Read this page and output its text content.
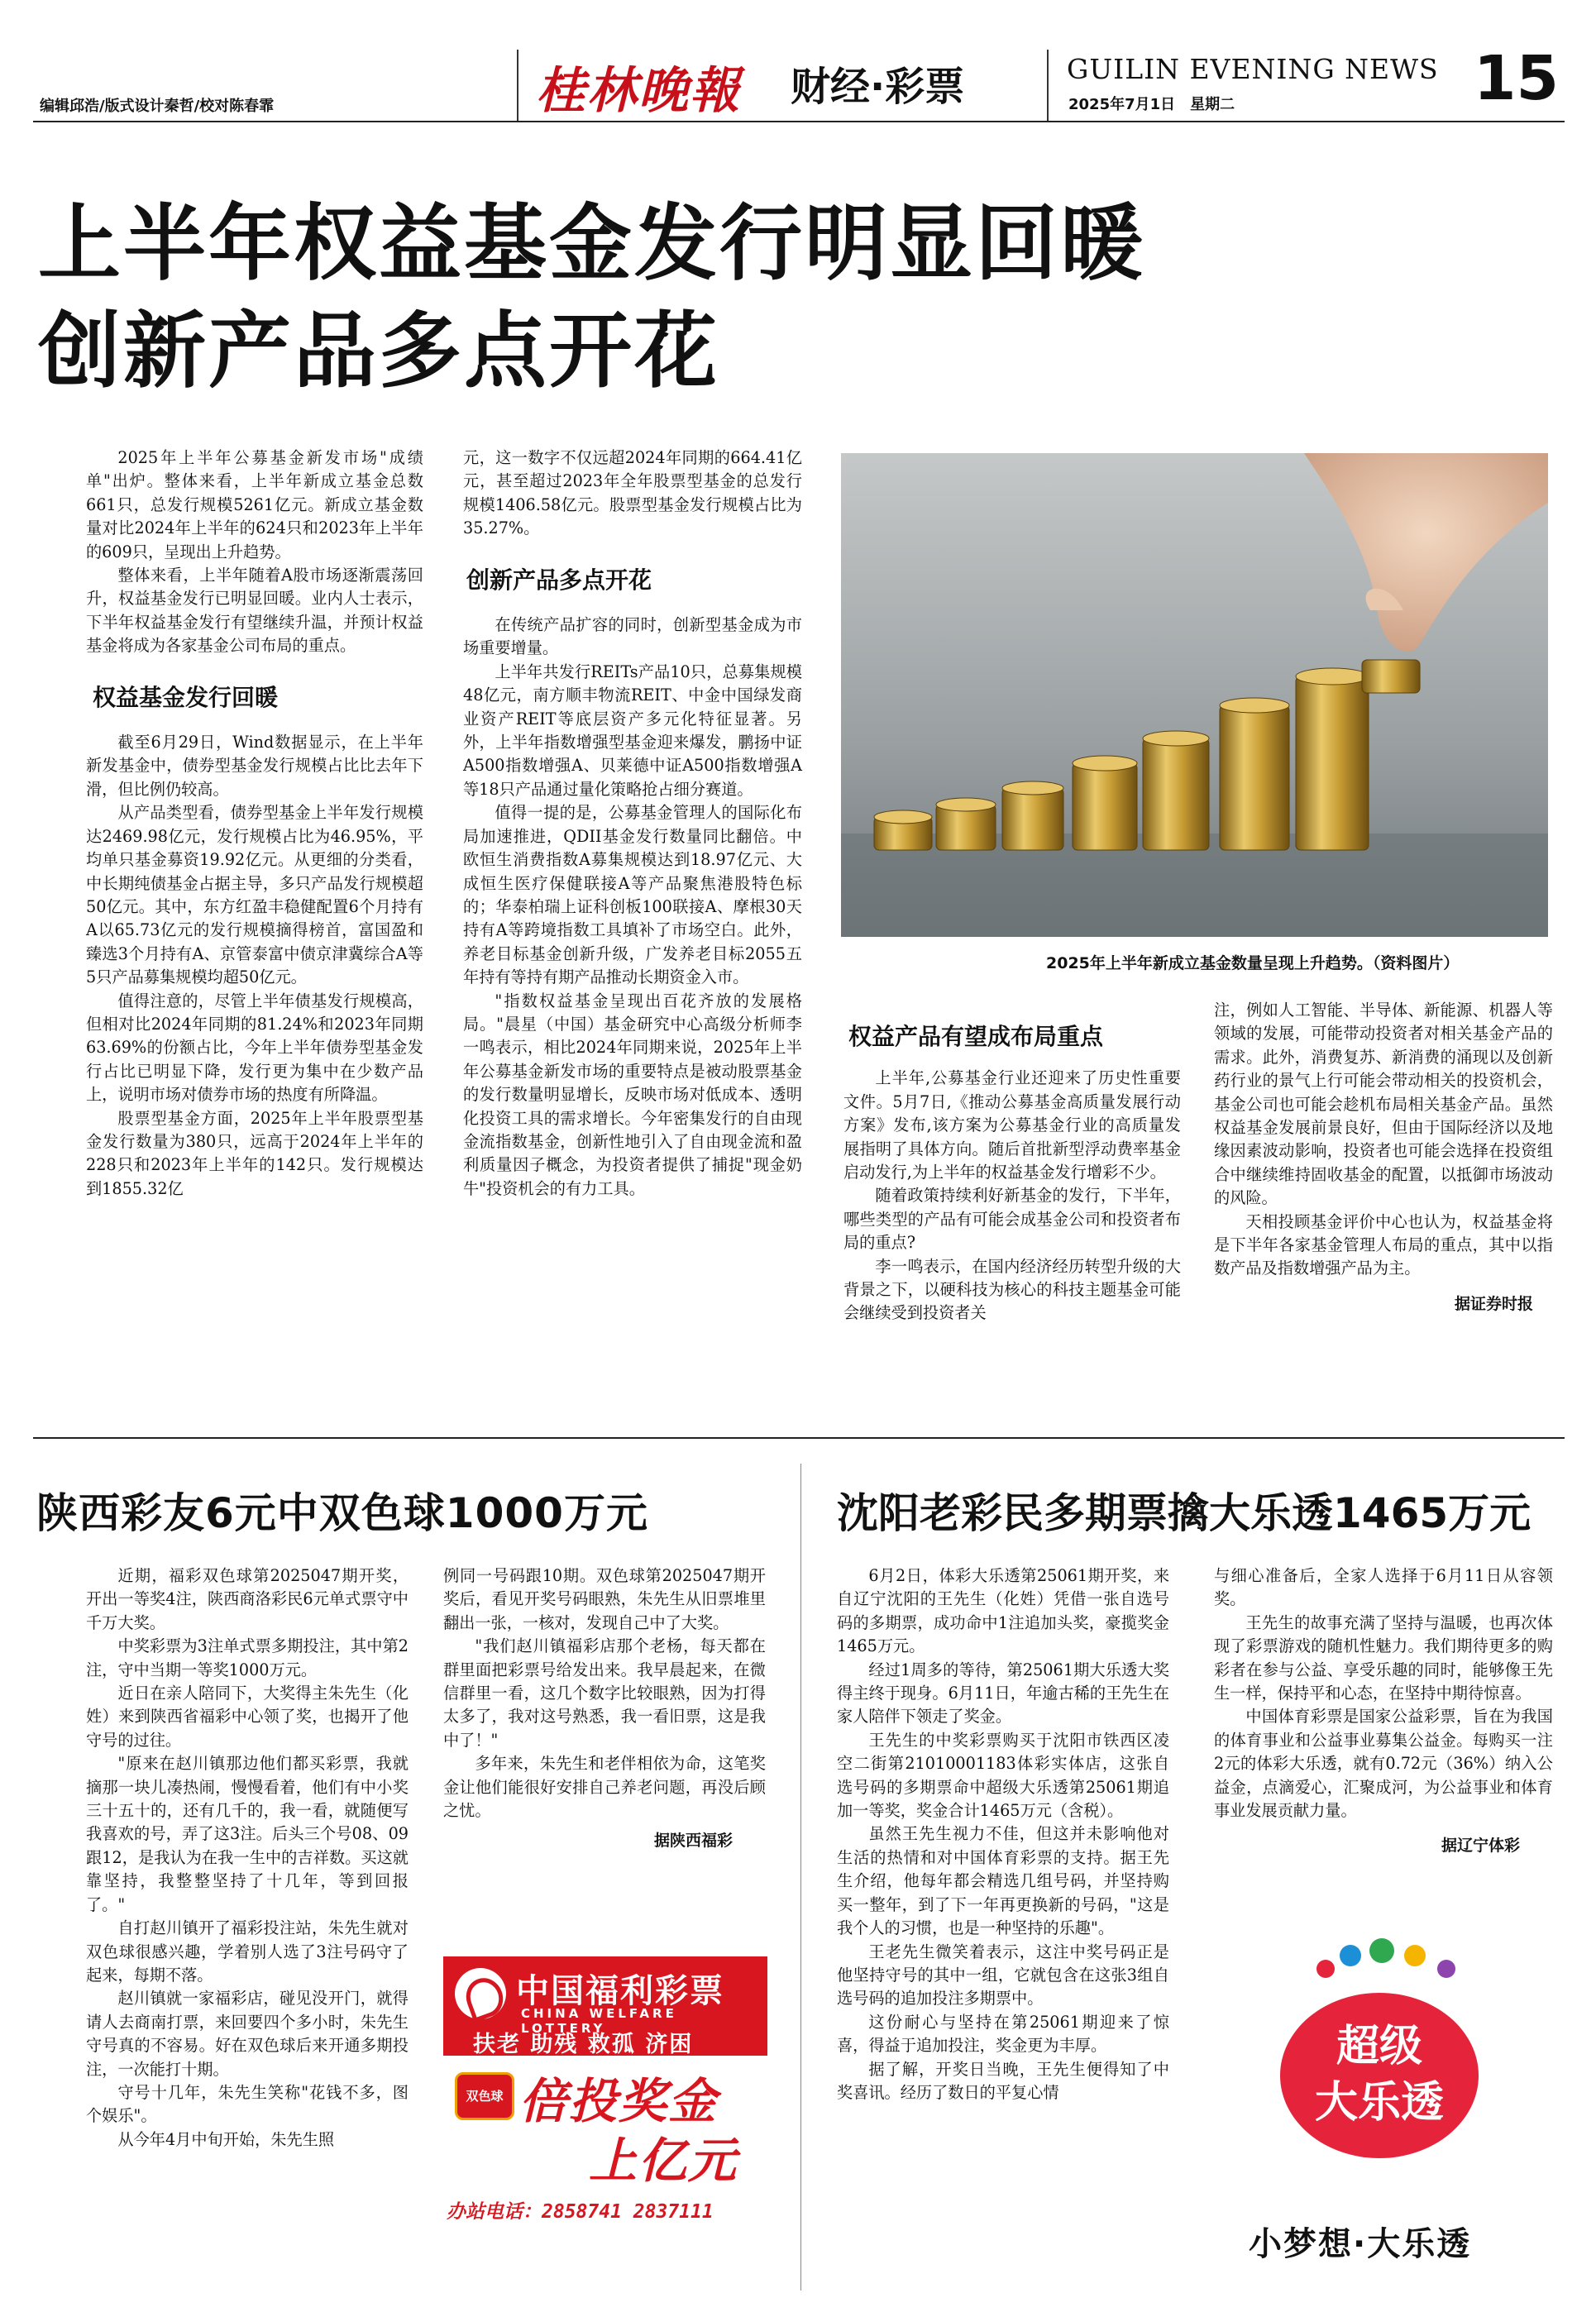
编辑邱浩/版式设计秦哲/校对陈春霏	桂林晚報 财经·彩票	GUILIN EVENING NEWS
2025年7月1日　星期二	15
上半年权益基金发行明显回暖
创新产品多点开花

2025年上半年公募基金新发市场"成绩单"出炉。整体来看，上半年新成立基金总数661只，总发行规模5261亿元。新成立基金数量对比2024年上半年的624只和2023年上半年的609只，呈现出上升趋势。

整体来看，上半年随着A股市场逐渐震荡回升，权益基金发行已明显回暖。业内人士表示，下半年权益基金发行有望继续升温，并预计权益基金将成为各家基金公司布局的重点。

权益基金发行回暖

截至6月29日，Wind数据显示，在上半年新发基金中，债券型基金发行规模占比比去年下滑，但比例仍较高。

从产品类型看，债券型基金上半年发行规模达2469.98亿元，发行规模占比为46.95%，平均单只基金募资19.92亿元。从更细的分类看，中长期纯债基金占据主导，多只产品发行规模超50亿元。其中，东方红盈丰稳健配置6个月持有A以65.73亿元的发行规模摘得榜首，富国盈和臻选3个月持有A、京管泰富中债京津冀综合A等5只产品募集规模均超50亿元。

值得注意的，尽管上半年债基发行规模高，但相对比2024年同期的81.24%和2023年同期63.69%的份额占比，今年上半年债券型基金发行占比已明显下降，发行更为集中在少数产品上，说明市场对债券市场的热度有所降温。

股票型基金方面，2025年上半年股票型基金发行数量为380只，远高于2024年上半年的228只和2023年上半年的142只。发行规模达到1855.32亿

元，这一数字不仅远超2024年同期的664.41亿元，甚至超过2023年全年股票型基金的总发行规模1406.58亿元。股票型基金发行规模占比为35.27%。

创新产品多点开花

在传统产品扩容的同时，创新型基金成为市场重要增量。

上半年共发行REITs产品10只，总募集规模48亿元，南方顺丰物流REIT、中金中国绿发商业资产REIT等底层资产多元化特征显著。另外，上半年指数增强型基金迎来爆发，鹏扬中证A500指数增强A、贝莱德中证A500指数增强A等18只产品通过量化策略抢占细分赛道。

值得一提的是，公募基金管理人的国际化布局加速推进，QDII基金发行数量同比翻倍。中欧恒生消费指数A募集规模达到18.97亿元、大成恒生医疗保健联接A等产品聚焦港股特色标的；华泰柏瑞上证科创板100联接A、摩根30天持有A等跨境指数工具填补了市场空白。此外，养老目标基金创新升级，广发养老目标2055五年持有等持有期产品推动长期资金入市。

"指数权益基金呈现出百花齐放的发展格局。"晨星（中国）基金研究中心高级分析师李一鸣表示，相比2024年同期来说，2025年上半年公募基金新发市场的重要特点是被动股票基金的发行数量明显增长，反映市场对低成本、透明化投资工具的需求增长。今年密集发行的自由现金流指数基金，创新性地引入了自由现金流和盈利质量因子概念，为投资者提供了捕捉"现金奶牛"投资机会的有力工具。

2025年上半年新成立基金数量呈现上升趋势。（资料图片）
权益产品有望成布局重点

上半年,公募基金行业还迎来了历史性重要文件。5月7日,《推动公募基金高质量发展行动方案》发布,该方案为公募基金行业的高质量发展指明了具体方向。随后首批新型浮动费率基金启动发行,为上半年的权益基金发行增彩不少。

随着政策持续利好新基金的发行，下半年，哪些类型的产品有可能会成基金公司和投资者布局的重点?

李一鸣表示，在国内经济经历转型升级的大背景之下，以硬科技为核心的科技主题基金可能会继续受到投资者关

注，例如人工智能、半导体、新能源、机器人等领域的发展，可能带动投资者对相关基金产品的需求。此外，消费复苏、新消费的涌现以及创新药行业的景气上行可能会带动相关的投资机会，基金公司也可能会趁机布局相关基金产品。虽然权益基金发展前景良好，但由于国际经济以及地缘因素波动影响，投资者也可能会选择在投资组合中继续维持固收基金的配置，以抵御市场波动的风险。

天相投顾基金评价中心也认为，权益基金将是下半年各家基金管理人布局的重点，其中以指数产品及指数增强产品为主。

据证券时报
陕西彩友6元中双色球1000万元

近期，福彩双色球第2025047期开奖，开出一等奖4注，陕西商洛彩民6元单式票守中千万大奖。

中奖彩票为3注单式票多期投注，其中第2注，守中当期一等奖1000万元。

近日在亲人陪同下，大奖得主朱先生（化姓）来到陕西省福彩中心领了奖，也揭开了他守号的过往。

"原来在赵川镇那边他们都买彩票，我就摘那一块儿凑热闹，慢慢看着，他们有中小奖三十五十的，还有几千的，我一看，就随便写我喜欢的号，弄了这3注。后头三个号08、09跟12，是我认为在我一生中的吉祥数。买这就靠坚持，我整整坚持了十几年，等到回报了。"

自打赵川镇开了福彩投注站，朱先生就对双色球很感兴趣，学着别人选了3注号码守了起来，每期不落。

赵川镇就一家福彩店，碰见没开门，就得请人去商南打票，来回要四个多小时，朱先生守号真的不容易。好在双色球后来开通多期投注，一次能打十期。

守号十几年，朱先生笑称"花钱不多，图个娱乐"。

从今年4月中旬开始，朱先生照

例同一号码跟10期。双色球第2025047期开奖后，看见开奖号码眼熟，朱先生从旧票堆里翻出一张，一核对，发现自己中了大奖。

"我们赵川镇福彩店那个老杨，每天都在群里面把彩票号给发出来。我早晨起来，在微信群里一看，这几个数字比较眼熟，因为打得太多了，我对这号熟悉，我一看旧票，这是我中了！"

多年来，朱先生和老伴相依为命，这笔奖金让他们能很好安排自己养老问题，再没后顾之忧。

据陕西福彩
中国福利彩票
CHINA WELFARE LOTTERY
扶老 助残 救孤 济困
双色球 倍投奖金
上亿元
办站电话：2858741 2837111
沈阳老彩民多期票擒大乐透1465万元

6月2日，体彩大乐透第25061期开奖，来自辽宁沈阳的王先生（化姓）凭借一张自选号码的多期票，成功命中1注追加头奖，豪揽奖金1465万元。

经过1周多的等待，第25061期大乐透大奖得主终于现身。6月11日，年逾古稀的王先生在家人陪伴下领走了奖金。

王先生的中奖彩票购买于沈阳市铁西区凌空二街第21010001183体彩实体店，这张自选号码的多期票命中超级大乐透第25061期追加一等奖，奖金合计1465万元（含税）。

虽然王先生视力不佳，但这并未影响他对生活的热情和对中国体育彩票的支持。据王先生介绍，他每年都会精选几组号码，并坚持购买一整年，到了下一年再更换新的号码，"这是我个人的习惯，也是一种坚持的乐趣"。

王老先生微笑着表示，这注中奖号码正是他坚持守号的其中一组，它就包含在这张3组自选号码的追加投注多期票中。

这份耐心与坚持在第25061期迎来了惊喜，得益于追加投注，奖金更为丰厚。

据了解，开奖日当晚，王先生便得知了中奖喜讯。经历了数日的平复心情

与细心准备后，全家人选择于6月11日从容领奖。

王先生的故事充满了坚持与温暖，也再次体现了彩票游戏的随机性魅力。我们期待更多的购彩者在参与公益、享受乐趣的同时，能够像王先生一样，保持平和心态，在坚持中期待惊喜。

中国体育彩票是国家公益彩票，旨在为我国的体育事业和公益事业募集公益金。每购买一注2元的体彩大乐透，就有0.72元（36%）纳入公益金，点滴爱心，汇聚成河，为公益事业和体育事业发展贡献力量。

据辽宁体彩
超级
大乐透
小梦想·大乐透
